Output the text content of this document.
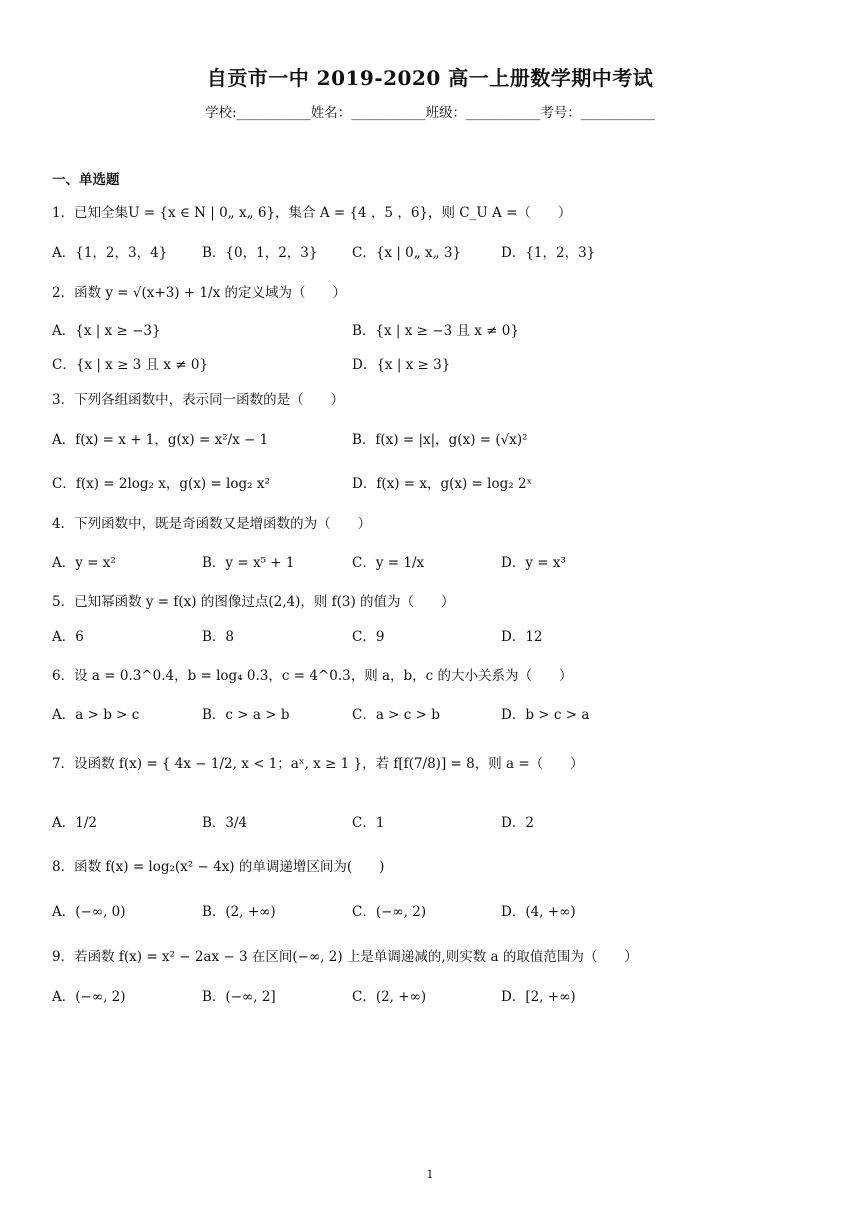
自贡市一中 2019-2020 高一上册数学期中考试
学校:___________姓名：___________班级：___________考号：___________
一、单选题
1．已知全集U = {x ∈ N | 0„ x„ 6}，集合 A = {4 ，5 ，6}，则 C_U A =（　　）
A．{1，2，3，4}	B．{0，1，2，3}	C．{x | 0„ x„ 3}	D．{1，2，3}
2．函数 y = √(x+3) + 1/x 的定义域为（　　）
A．{x | x ≥ −3}	B．{x | x ≥ −3 且 x ≠ 0}
C．{x | x ≥ 3 且 x ≠ 0}	D．{x | x ≥ 3}
3．下列各组函数中，表示同一函数的是（　　）
A．f(x) = x + 1，g(x) = x²/x − 1	B．f(x) = |x|，g(x) = (√x)²
C．f(x) = 2log₂ x，g(x) = log₂ x²	D．f(x) = x，g(x) = log₂ 2ˣ
4．下列函数中，既是奇函数又是增函数的为（　　）
A．y = x²	B．y = x⁵ + 1	C．y = 1/x	D．y = x³
5．已知幂函数 y = f(x) 的图像过点(2,4)，则 f(3) 的值为（　　）
A．6	B．8	C．9	D．12
6．设 a = 0.3^0.4，b = log₄ 0.3，c = 4^0.3，则 a，b，c 的大小关系为（　　）
A．a > b > c	B．c > a > b	C．a > c > b	D．b > c > a
7．设函数 f(x) = { 4x − 1/2, x < 1；aˣ, x ≥ 1 }，若 f[f(7/8)] = 8，则 a =（　　）
A．1/2	B．3/4	C．1	D．2
8．函数 f(x) = log₂(x² − 4x) 的单调递增区间为(　　)
A．(−∞, 0)	B．(2, +∞)	C．(−∞, 2)	D．(4, +∞)
9．若函数 f(x) = x² − 2ax − 3 在区间(−∞, 2) 上是单调递减的,则实数 a 的取值范围为（　　）
A．(−∞, 2)	B．(−∞, 2]	C．(2, +∞)	D．[2, +∞)
1
